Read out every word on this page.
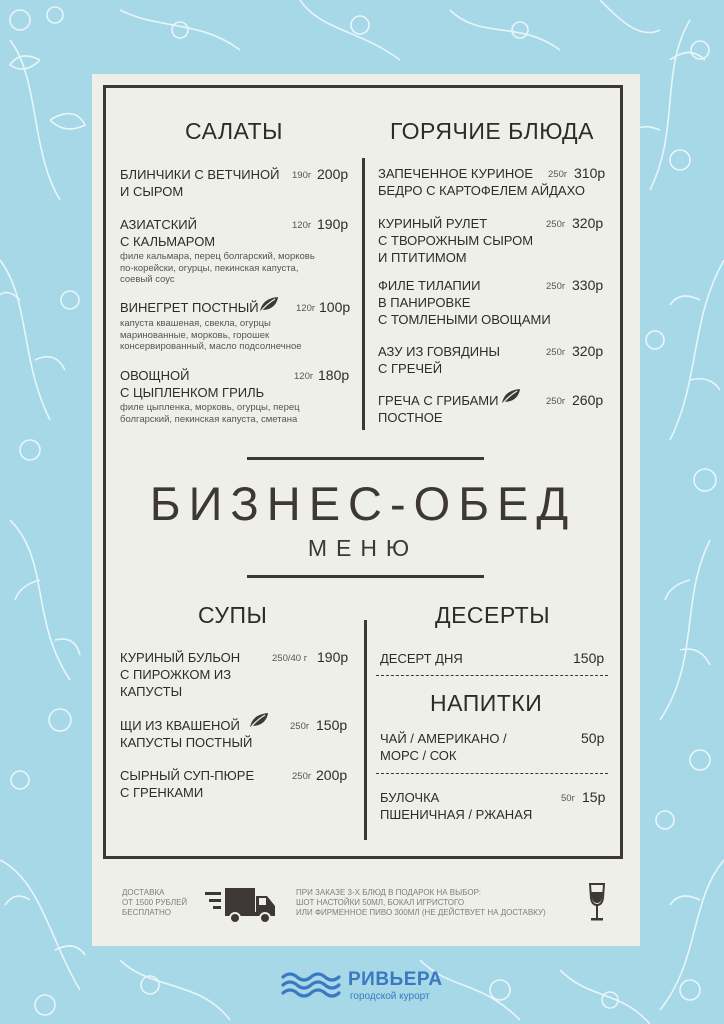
САЛАТЫ
БЛИНЧИКИ С ВЕТЧИНОЙ
И СЫРОМ
190г 200р
АЗИАТСКИЙ
С КАЛЬМАРОМ
120г 190р
филе кальмара, перец болгарский, морковь
по-корейски, огурцы, пекинская капуста,
соевый соус
ВИНЕГРЕТ ПОСТНЫЙ	120г 100р
капуста квашеная, свекла, огурцы
маринованные, морковь, горошек
консервированный, масло подсолнечное
ОВОЩНОЙ
С ЦЫПЛЕНКОМ ГРИЛЬ
120г 180р
филе цыпленка, морковь, огурцы, перец
болгарский, пекинская капуста, сметана
ГОРЯЧИЕ БЛЮДА
ЗАПЕЧЕННОЕ КУРИНОЕ
БЕДРО С КАРТОФЕЛЕМ АЙДАХО
250г 310р
КУРИНЫЙ РУЛЕТ
С ТВОРОЖНЫМ СЫРОМ
И ПТИТИМОМ
250г 320р
ФИЛЕ ТИЛАПИИ
В ПАНИРОВКЕ
С ТОМЛЕНЫМИ ОВОЩАМИ
250г 330р
АЗУ ИЗ ГОВЯДИНЫ
С ГРЕЧЕЙ
250г 320р
ГРЕЧА С ГРИБАМИ
ПОСТНОЕ
250г 260р
БИЗНЕС-ОБЕД
МЕНЮ
СУПЫ
КУРИНЫЙ БУЛЬОН
С ПИРОЖКОМ ИЗ
КАПУСТЫ
250/40 г 190р
ЩИ ИЗ КВАШЕНОЙ
КАПУСТЫ ПОСТНЫЙ
250г 150р
СЫРНЫЙ СУП-ПЮРЕ
С ГРЕНКАМИ
250г 200р
ДЕСЕРТЫ
ДЕСЕРТ ДНЯ	150р
НАПИТКИ
ЧАЙ / АМЕРИКАНО /
МОРС / СОК
50р
БУЛОЧКА
ПШЕНИЧНАЯ / РЖАНАЯ
50г 15р
ДОСТАВКА
ОТ 1500 РУБЛЕЙ
БЕСПЛАТНО
ПРИ ЗАКАЗЕ 3-Х БЛЮД В ПОДАРОК НА ВЫБОР:
ШОТ НАСТОЙКИ 50МЛ, БОКАЛ ИГРИСТОГО
ИЛИ ФИРМЕННОЕ ПИВО 300МЛ (НЕ ДЕЙСТВУЕТ НА ДОСТАВКУ)
РИВЬЕРА
городской курорт
